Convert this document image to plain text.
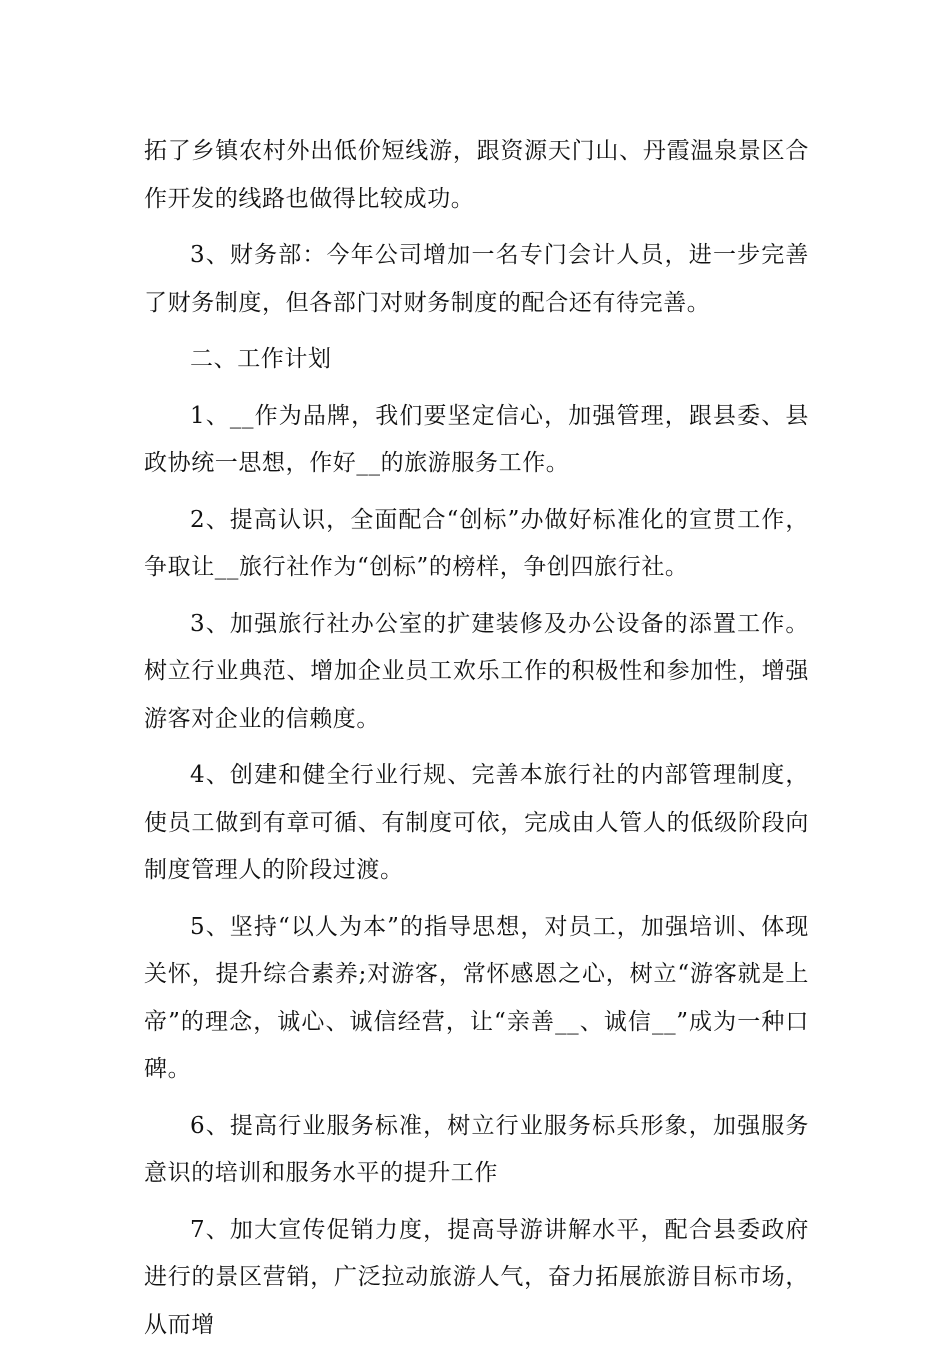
拓了乡镇农村外出低价短线游，跟资源天门山、丹霞温泉景区合作开发的线路也做得比较成功。

3、财务部：今年公司增加一名专门会计人员，进一步完善了财务制度，但各部门对财务制度的配合还有待完善。

二、工作计划

1、__作为品牌，我们要坚定信心，加强管理，跟县委、县政协统一思想，作好__的旅游服务工作。

2、提高认识，全面配合“创标”办做好标准化的宣贯工作，争取让__旅行社作为“创标”的榜样，争创四旅行社。

3、加强旅行社办公室的扩建装修及办公设备的添置工作。树立行业典范、增加企业员工欢乐工作的积极性和参加性，增强游客对企业的信赖度。

4、创建和健全行业行规、完善本旅行社的内部管理制度，使员工做到有章可循、有制度可依，完成由人管人的低级阶段向制度管理人的阶段过渡。

5、坚持“以人为本”的指导思想，对员工，加强培训、体现关怀，提升综合素养;对游客，常怀感恩之心，树立“游客就是上帝”的理念，诚心、诚信经营，让“亲善__、诚信__”成为一种口碑。

6、提高行业服务标准，树立行业服务标兵形象，加强服务意识的培训和服务水平的提升工作

7、加大宣传促销力度，提高导游讲解水平，配合县委政府进行的景区营销，广泛拉动旅游人气，奋力拓展旅游目标市场，从而增
